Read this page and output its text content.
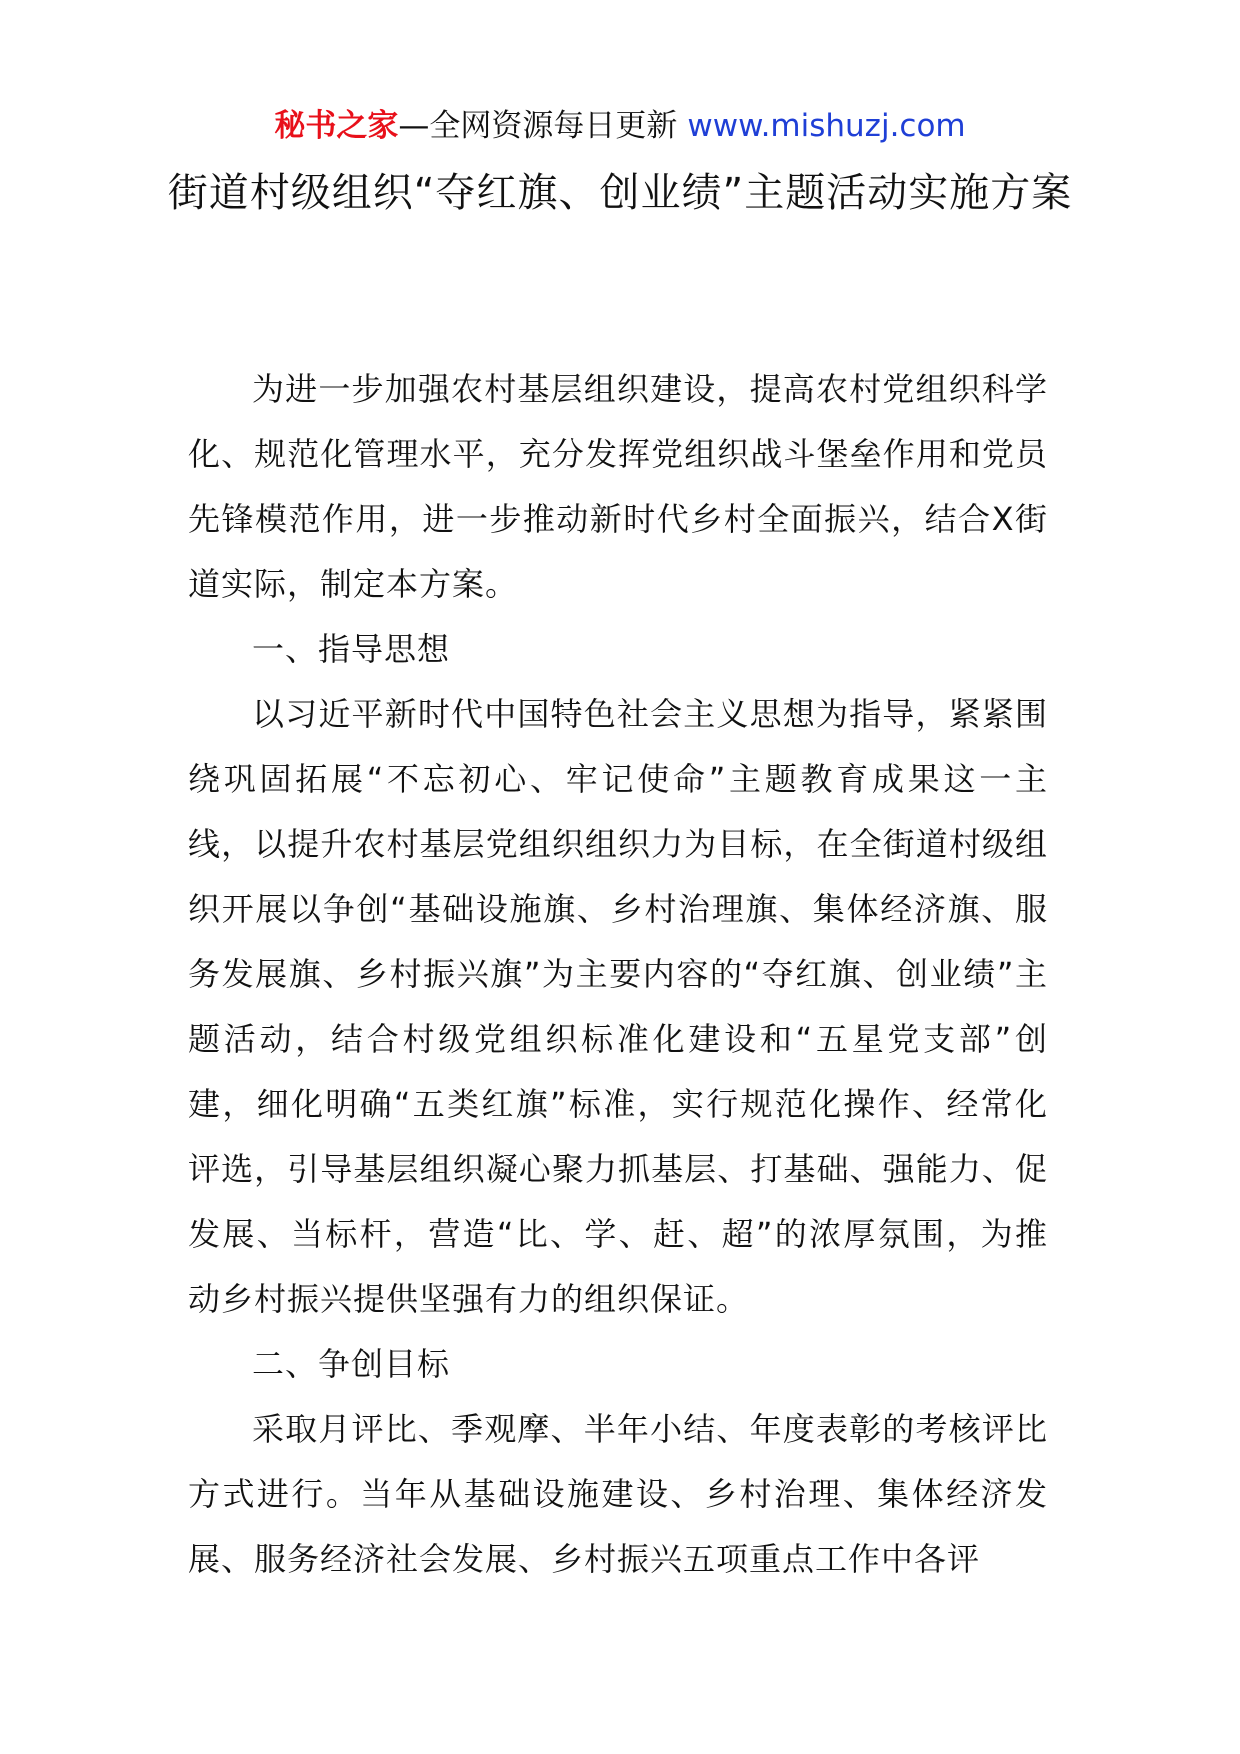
秘书之家—全网资源每日更新 www.mishuzj.com
街道村级组织“夺红旗、创业绩”主题活动实施方案

为进一步加强农村基层组织建设，提高农村党组织科学化、规范化管理水平，充分发挥党组织战斗堡垒作用和党员先锋模范作用，进一步推动新时代乡村全面振兴，结合X街道实际，制定本方案。

一、指导思想

以习近平新时代中国特色社会主义思想为指导，紧紧围绕巩固拓展“不忘初心、牢记使命”主题教育成果这一主线，以提升农村基层党组织组织力为目标，在全街道村级组织开展以争创“基础设施旗、乡村治理旗、集体经济旗、服务发展旗、乡村振兴旗”为主要内容的“夺红旗、创业绩”主题活动，结合村级党组织标准化建设和“五星党支部”创建，细化明确“五类红旗”标准，实行规范化操作、经常化评选，引导基层组织凝心聚力抓基层、打基础、强能力、促发展、当标杆，营造“比、学、赶、超”的浓厚氛围，为推动乡村振兴提供坚强有力的组织保证。

二、争创目标

采取月评比、季观摩、半年小结、年度表彰的考核评比方式进行。当年从基础设施建设、乡村治理、集体经济发展、服务经济社会发展、乡村振兴五项重点工作中各评
